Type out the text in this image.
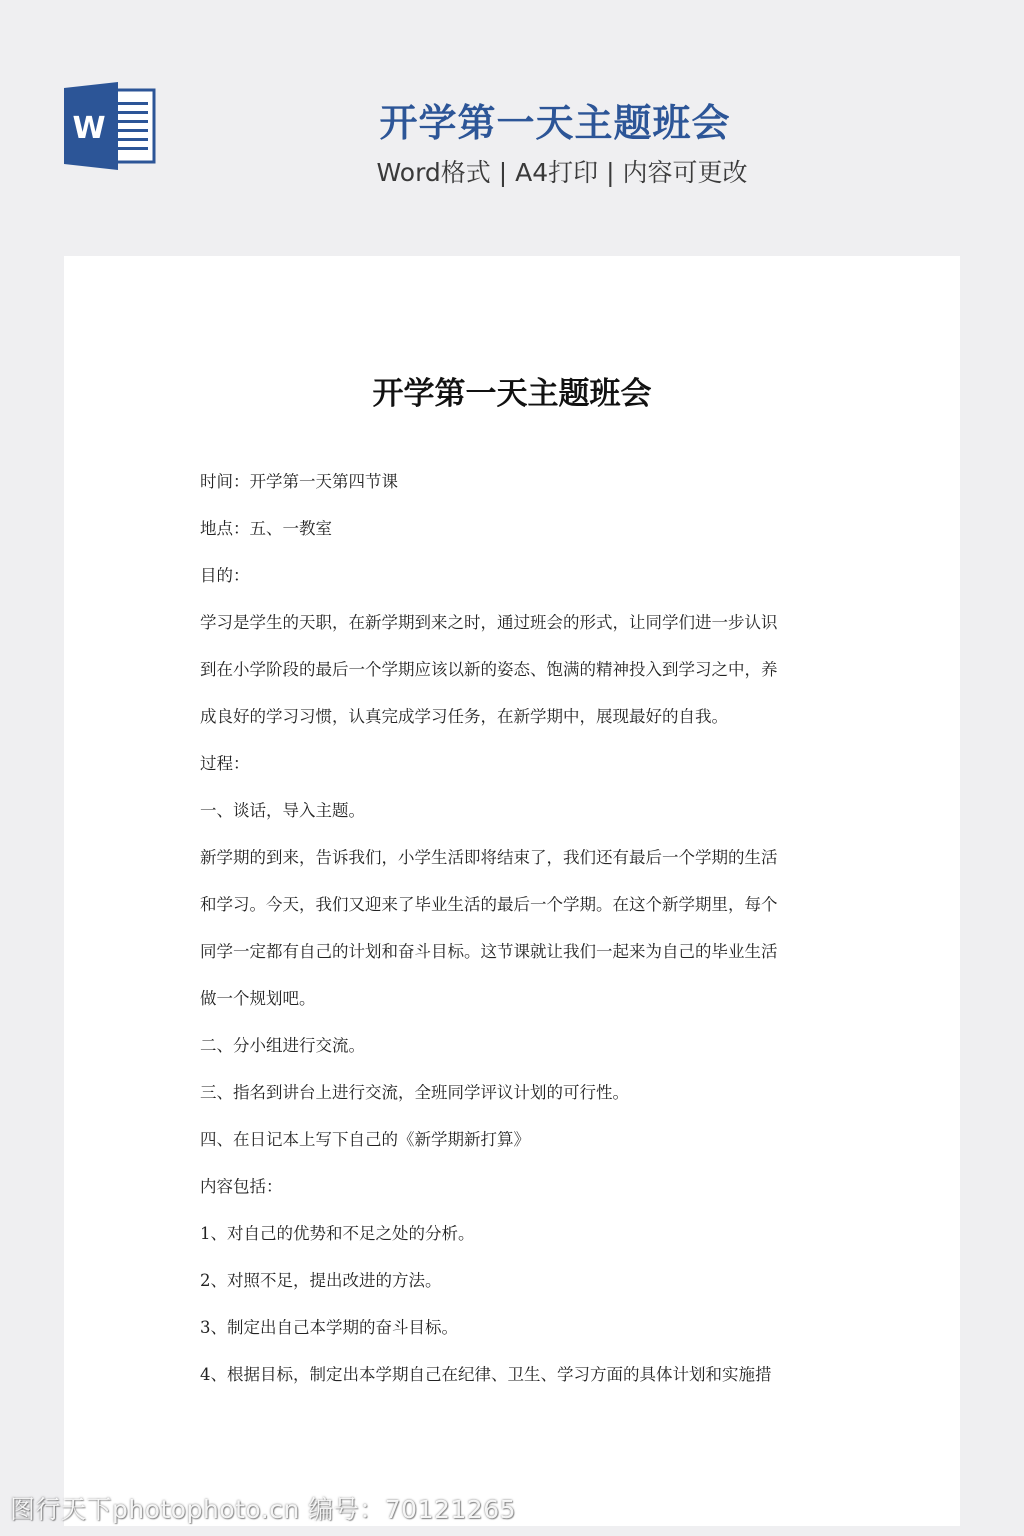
W	开学第一天主题班会

Word格式 | A4打印 | 内容可更改

开学第一天主题班会
时间：开学第一天第四节课
地点：五、一教室
目的：
学习是学生的天职，在新学期到来之时，通过班会的形式，让同学们进一步认识
到在小学阶段的最后一个学期应该以新的姿态、饱满的精神投入到学习之中，养
成良好的学习习惯，认真完成学习任务，在新学期中，展现最好的自我。
过程：
一、谈话，导入主题。
新学期的到来，告诉我们，小学生活即将结束了，我们还有最后一个学期的生活
和学习。今天，我们又迎来了毕业生活的最后一个学期。在这个新学期里，每个
同学一定都有自己的计划和奋斗目标。这节课就让我们一起来为自己的毕业生活
做一个规划吧。
二、分小组进行交流。
三、指名到讲台上进行交流，全班同学评议计划的可行性。
四、在日记本上写下自己的《新学期新打算》
内容包括：
1、对自己的优势和不足之处的分析。
2、对照不足，提出改进的方法。
3、制定出自己本学期的奋斗目标。
4、根据目标，制定出本学期自己在纪律、卫生、学习方面的具体计划和实施措
图行天下photophoto.cn 编号：70121265
